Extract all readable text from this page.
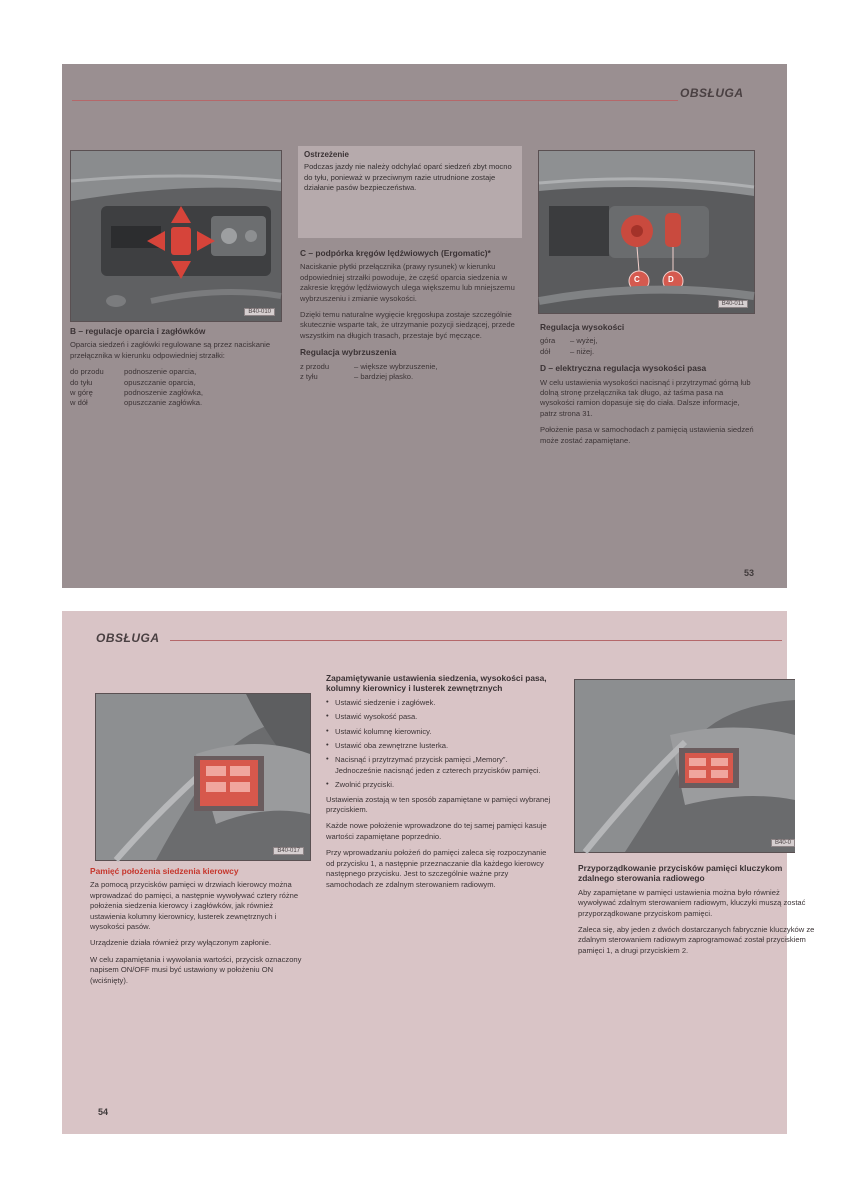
OBSŁUGA
B40-010
B – regulacje oparcia i zagłówków

Oparcia siedzeń i zagłówki regulowane są przez naciskanie przełącznika w kierunku odpowiedniej strzałki:

do przodu	podnoszenie oparcia,
do tyłu	opuszczanie oparcia,
w górę	podnoszenie zagłówka,
w dół	opuszczanie zagłówka.
Ostrzeżenie
Podczas jazdy nie należy odchylać oparć siedzeń zbyt mocno do tyłu, ponieważ w przeciwnym razie utrudnione zostaje działanie pasów bezpieczeństwa.
C – podpórka kręgów lędźwiowych (Ergomatic)*

Naciskanie płytki przełącznika (prawy rysunek) w kierunku odpowiedniej strzałki powoduje, że część oparcia siedzenia w zakresie kręgów lędźwiowych ulega większemu lub mniejszemu wybrzuszeniu i zmianie wysokości.

Dzięki temu naturalne wygięcie kręgosłupa zostaje szczególnie skutecznie wsparte tak, że utrzymanie pozycji siedzącej, przede wszystkim na długich trasach, przestaje być męczące.

Regulacja wybrzuszenia
z przodu	– większe wybrzuszenie,
z tyłu	– bardziej płasko.
C	D
B40-011
Regulacja wysokości
góra	– wyżej,
dół	– niżej.
D – elektryczna regulacja wysokości pasa

W celu ustawienia wysokości nacisnąć i przytrzymać górną lub dolną stronę przełącznika tak długo, aż taśma pasa na wysokości ramion dopasuje się do ciała. Dalsze informacje, patrz strona 31.

Położenie pasa w samochodach z pamięcią ustawienia siedzeń może zostać zapamiętane.

53
OBSŁUGA
B40-017
Pamięć położenia siedzenia kierowcy

Za pomocą przycisków pamięci w drzwiach kierowcy można wprowadzać do pamięci, a następnie wywoływać cztery różne położenia siedzenia kierowcy i zagłówków, jak również ustawienia kolumny kierownicy, lusterek zewnętrznych i wysokości pasów.

Urządzenie działa również przy wyłączonym zapłonie.

W celu zapamiętania i wywołania wartości, przycisk oznaczony napisem ON/OFF musi być ustawiony w położeniu ON (wciśnięty).

Zapamiętywanie ustawienia siedzenia, wysokości pasa, kolumny kierownicy i lusterek zewnętrznych
• Ustawić siedzenie i zagłówek.
• Ustawić wysokość pasa.
• Ustawić kolumnę kierownicy.
• Ustawić oba zewnętrzne lusterka.
• Nacisnąć i przytrzymać przycisk pamięci „Memory”. Jednocześnie nacisnąć jeden z czterech przycisków pamięci.
• Zwolnić przyciski.

Ustawienia zostają w ten sposób zapamiętane w pamięci wybranej przyciskiem.

Każde nowe położenie wprowadzone do tej samej pamięci kasuje wartości zapamiętane poprzednio.

Przy wprowadzaniu położeń do pamięci zaleca się rozpoczynanie od przycisku 1, a następnie przeznaczanie dla każdego kierowcy następnego przycisku. Jest to szczególnie ważne przy samochodach ze zdalnym sterowaniem radiowym.

B40-0
Przyporządkowanie przycisków pamięci kluczykom zdalnego sterowania radiowego

Aby zapamiętane w pamięci ustawienia można było również wywoływać zdalnym sterowaniem radiowym, kluczyki muszą zostać przyporządkowane przyciskom pamięci.

Zaleca się, aby jeden z dwóch dostarczanych fabrycznie kluczyków ze zdalnym sterowaniem radiowym zaprogramować został przyciskiem pamięci 1, a drugi przyciskiem 2.

54
